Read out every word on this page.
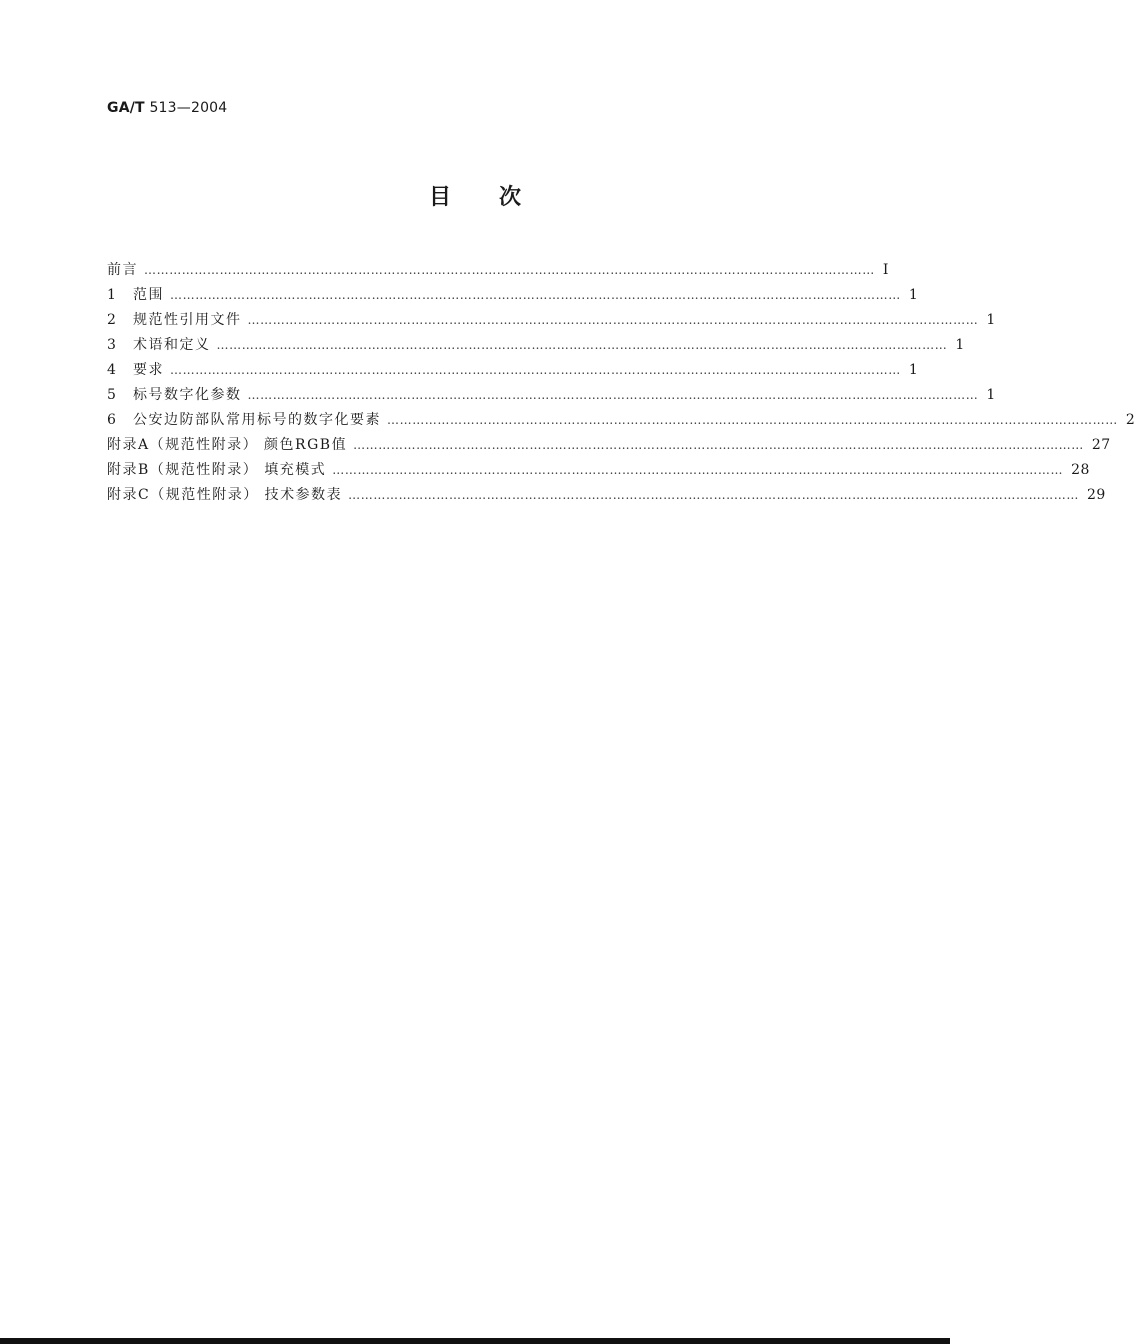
GA/T 513—2004
目次
前言 ………………………………………………………………………………………………………………………………………………………… I
1 范围 ………………………………………………………………………………………………………………………………………………………… 1
2 规范性引用文件 ………………………………………………………………………………………………………………………………………………………… 1
3 术语和定义 ………………………………………………………………………………………………………………………………………………………… 1
4 要求 ………………………………………………………………………………………………………………………………………………………… 1
5 标号数字化参数 ………………………………………………………………………………………………………………………………………………………… 1
6 公安边防部队常用标号的数字化要素 ………………………………………………………………………………………………………………………………………………………… 2
附录A（规范性附录） 颜色RGB值 ………………………………………………………………………………………………………………………………………………………… 27
附录B（规范性附录） 填充模式 ………………………………………………………………………………………………………………………………………………………… 28
附录C（规范性附录） 技术参数表 ………………………………………………………………………………………………………………………………………………………… 29
